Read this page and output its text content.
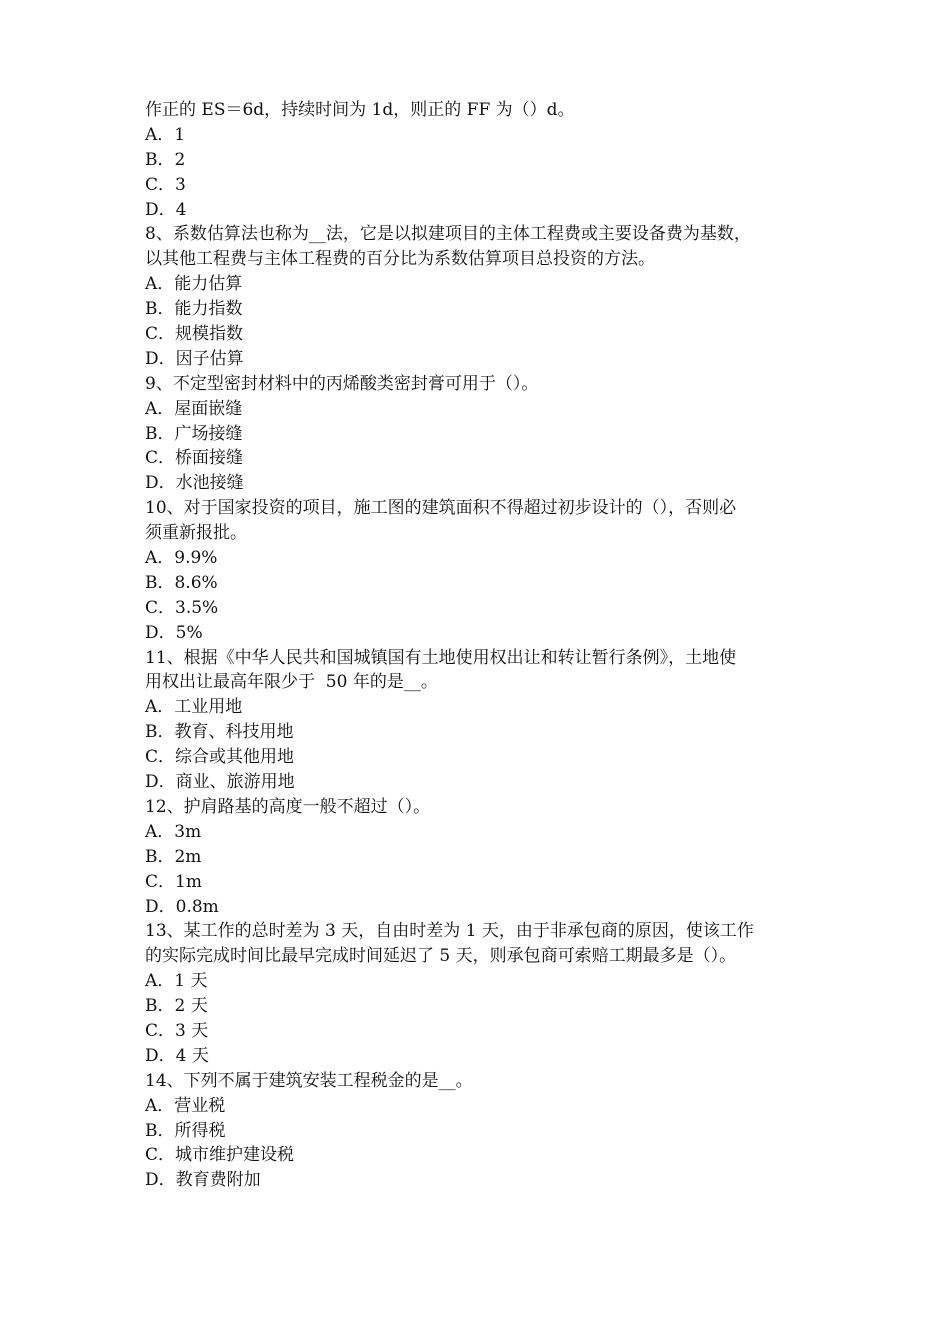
作正的 ES＝6d，持续时间为 1d，则正的 FF 为（）d。
A．1
B．2
C．3
D．4
8、系数估算法也称为__法，它是以拟建项目的主体工程费或主要设备费为基数，
以其他工程费与主体工程费的百分比为系数估算项目总投资的方法。
A．能力估算
B．能力指数
C．规模指数
D．因子估算
9、不定型密封材料中的丙烯酸类密封膏可用于（）。
A．屋面嵌缝
B．广场接缝
C．桥面接缝
D．水池接缝
10、对于国家投资的项目，施工图的建筑面积不得超过初步设计的（），否则必
须重新报批。
A．9.9%
B．8.6%
C．3.5%
D．5%
11、根据《中华人民共和国城镇国有土地使用权出让和转让暂行条例》，土地使
用权出让最高年限少于  50 年的是__。
A．工业用地
B．教育、科技用地
C．综合或其他用地
D．商业、旅游用地
12、护肩路基的高度一般不超过（）。
A．3m
B．2m
C．1m
D．0.8m
13、某工作的总时差为 3 天，自由时差为 1 天，由于非承包商的原因，使该工作
的实际完成时间比最早完成时间延迟了 5 天，则承包商可索赔工期最多是（）。
A．1 天
B．2 天
C．3 天
D．4 天
14、下列不属于建筑安装工程税金的是__。
A．营业税
B．所得税
C．城市维护建设税
D．教育费附加
